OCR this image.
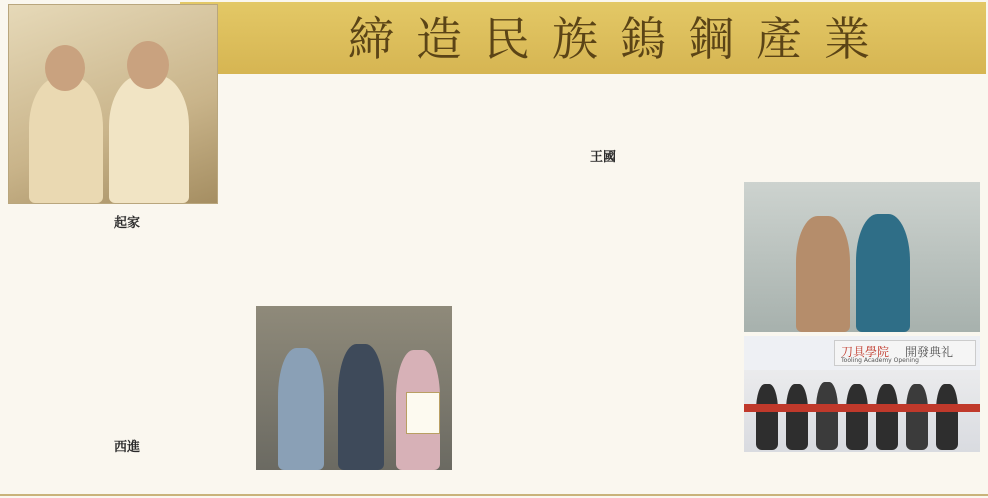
締造民族鎢鋼產業
起家
西進
王國
刀具學院 開發典礼
Tooling Academy Opening
